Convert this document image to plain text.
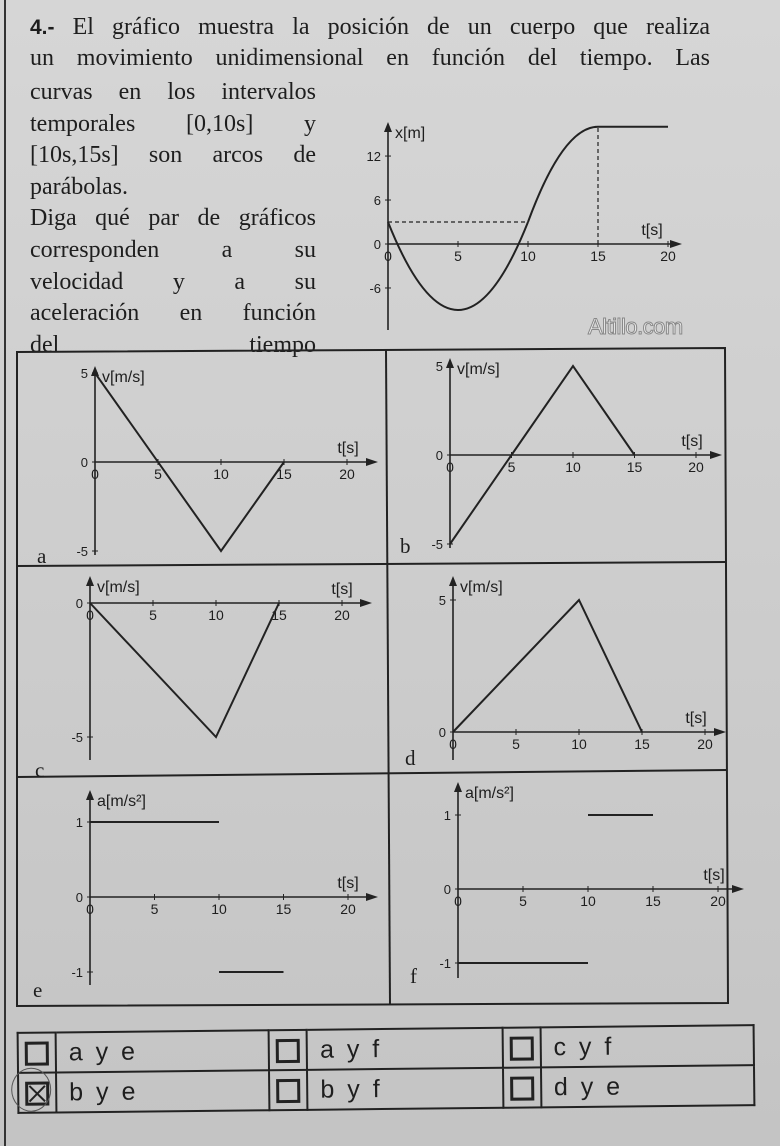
4.- El gráfico muestra la posición de un cuerpo que realiza
un movimiento unidimensional en función del tiempo. Las
curvas en los intervalos
temporales [0,10s] y
[10s,15s] son arcos de
parábolas.
Diga qué par de gráficos
corresponden a su
velocidad y a su
aceleración en función
del tiempo
Altillo.com
0	5	10	15	20
12
6
0
-6
x[m]
t[s]
0	5	10	15	20
5
0
-5
v[m/s]
t[s]
0	5	10	15	20
5
0
-5
v[m/s]
t[s]
0	5	10	15	20
0
-5
v[m/s]	t[s]
0	5	10	15	20
5
0
v[m/s]
t[s]
0	5	10	15	20
1
0
-1
a[m/s²]
t[s]
0	5	10	15	20
1
0
-1
a[m/s²]
t[s]
a	b
c	d
e
f
	a y e		a y f		c y f

	b y e		b y f		d y e
